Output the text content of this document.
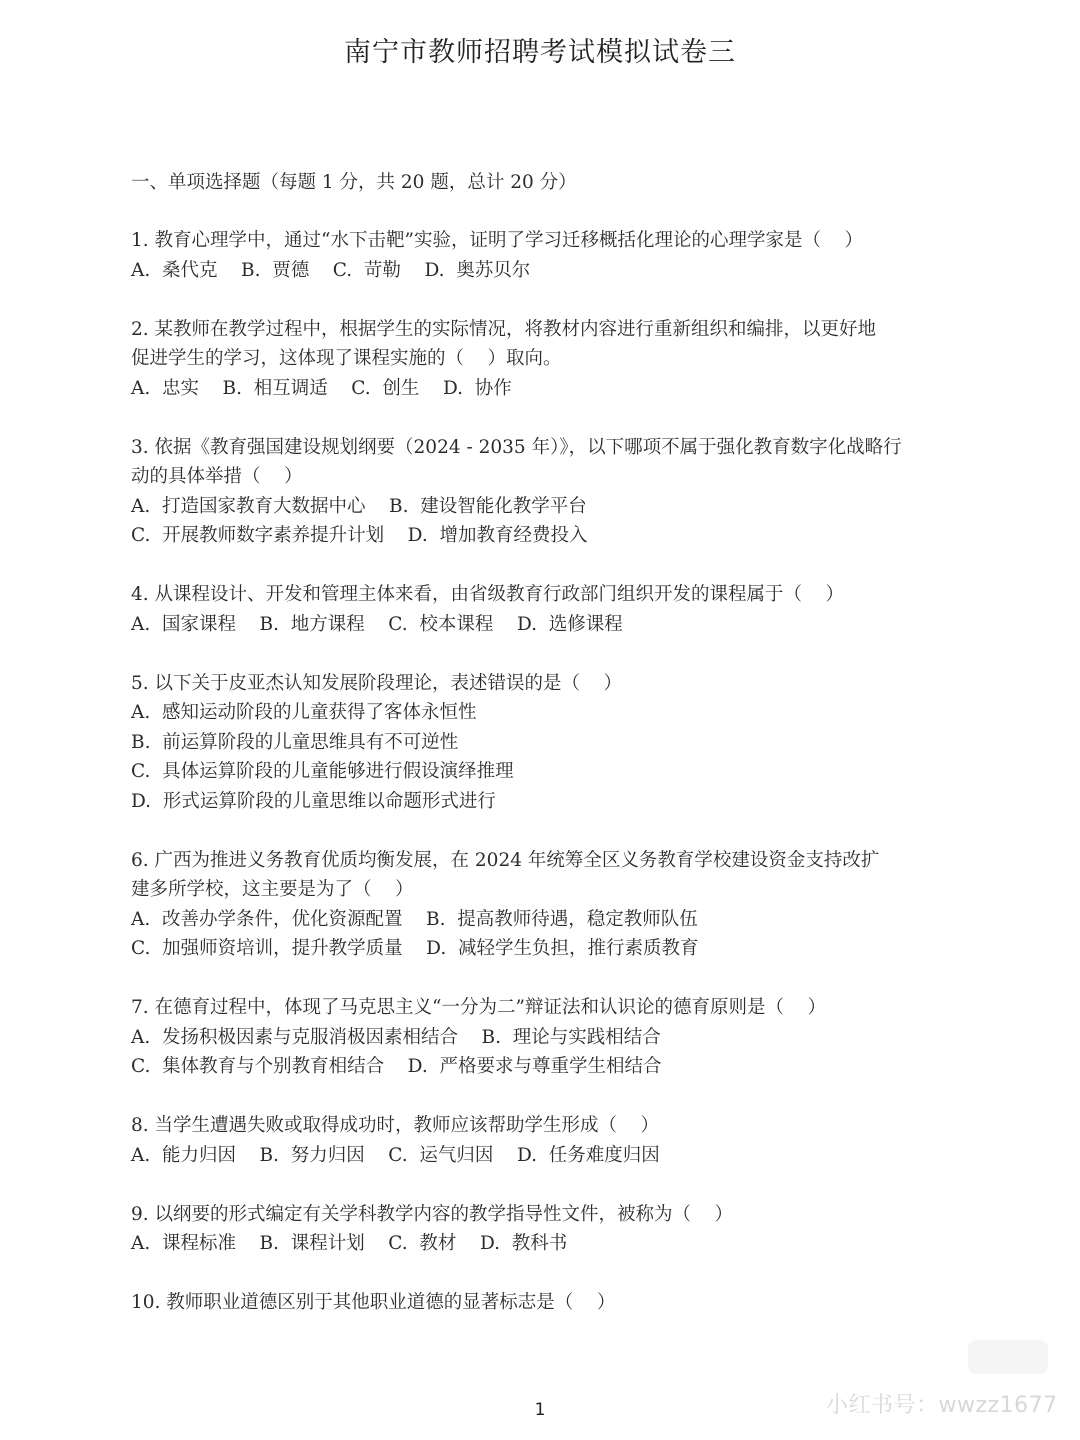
南宁市教师招聘考试模拟试卷三
一、单项选择题（每题 1 分，共 20 题，总计 20 分）
1. 教育心理学中，通过“水下击靶”实验，证明了学习迁移概括化理论的心理学家是（    ）
A.  桑代克    B.  贾德    C.  苛勒    D.  奥苏贝尔
2. 某教师在教学过程中，根据学生的实际情况，将教材内容进行重新组织和编排，以更好地
促进学生的学习，这体现了课程实施的（    ）取向。
A.  忠实    B.  相互调适    C.  创生    D.  协作
3. 依据《教育强国建设规划纲要（2024 - 2035 年）》，以下哪项不属于强化教育数字化战略行
动的具体举措（    ）
A.  打造国家教育大数据中心    B.  建设智能化教学平台
C.  开展教师数字素养提升计划    D.  增加教育经费投入
4. 从课程设计、开发和管理主体来看，由省级教育行政部门组织开发的课程属于（    ）
A.  国家课程    B.  地方课程    C.  校本课程    D.  选修课程
5. 以下关于皮亚杰认知发展阶段理论，表述错误的是（    ）
A.  感知运动阶段的儿童获得了客体永恒性
B.  前运算阶段的儿童思维具有不可逆性
C.  具体运算阶段的儿童能够进行假设演绎推理
D.  形式运算阶段的儿童思维以命题形式进行
6. 广西为推进义务教育优质均衡发展，在 2024 年统筹全区义务教育学校建设资金支持改扩
建多所学校，这主要是为了（    ）
A.  改善办学条件，优化资源配置    B.  提高教师待遇，稳定教师队伍
C.  加强师资培训，提升教学质量    D.  减轻学生负担，推行素质教育
7. 在德育过程中，体现了马克思主义“一分为二”辩证法和认识论的德育原则是（    ）
A.  发扬积极因素与克服消极因素相结合    B.  理论与实践相结合
C.  集体教育与个别教育相结合    D.  严格要求与尊重学生相结合
8. 当学生遭遇失败或取得成功时，教师应该帮助学生形成（    ）
A.  能力归因    B.  努力归因    C.  运气归因    D.  任务难度归因
9. 以纲要的形式编定有关学科教学内容的教学指导性文件，被称为（    ）
A.  课程标准    B.  课程计划    C.  教材    D.  教科书
10. 教师职业道德区别于其他职业道德的显著标志是（    ）
1	小红书号：wwzz1677
